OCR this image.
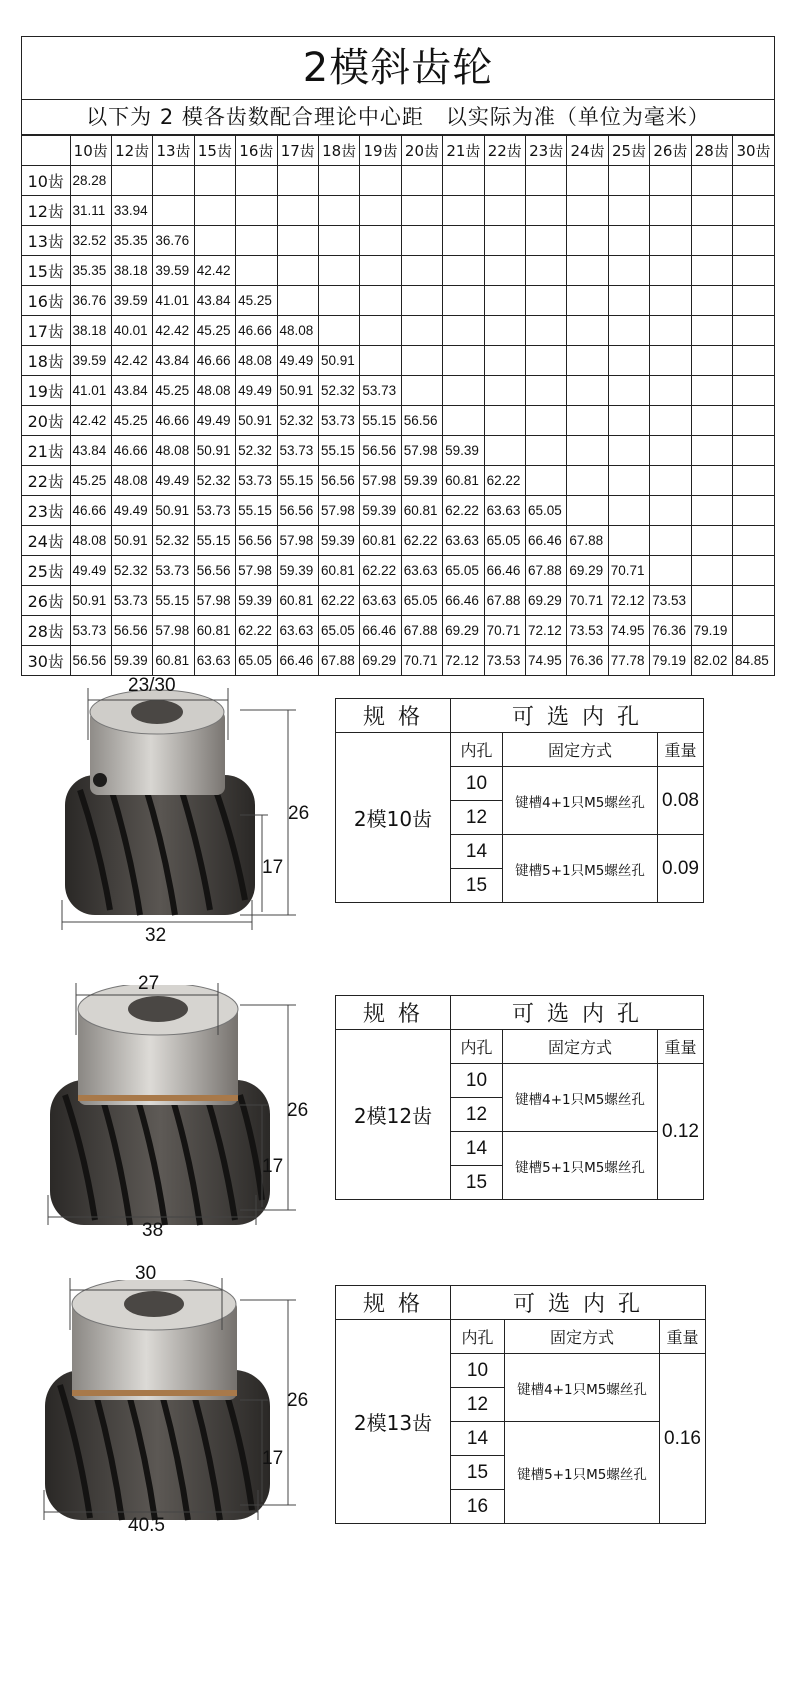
2模斜齿轮
以下为 2 模各齿数配合理论中心距　以实际为准（单位为毫米）
	10齿	12齿	13齿	15齿	16齿	17齿	18齿	19齿	20齿	21齿	22齿	23齿	24齿	25齿	26齿	28齿	30齿
10齿	28.28																
12齿	31.11	33.94															
13齿	32.52	35.35	36.76														
15齿	35.35	38.18	39.59	42.42													
16齿	36.76	39.59	41.01	43.84	45.25												
17齿	38.18	40.01	42.42	45.25	46.66	48.08											
18齿	39.59	42.42	43.84	46.66	48.08	49.49	50.91										
19齿	41.01	43.84	45.25	48.08	49.49	50.91	52.32	53.73									
20齿	42.42	45.25	46.66	49.49	50.91	52.32	53.73	55.15	56.56								
21齿	43.84	46.66	48.08	50.91	52.32	53.73	55.15	56.56	57.98	59.39							
22齿	45.25	48.08	49.49	52.32	53.73	55.15	56.56	57.98	59.39	60.81	62.22						
23齿	46.66	49.49	50.91	53.73	55.15	56.56	57.98	59.39	60.81	62.22	63.63	65.05					
24齿	48.08	50.91	52.32	55.15	56.56	57.98	59.39	60.81	62.22	63.63	65.05	66.46	67.88				
25齿	49.49	52.32	53.73	56.56	57.98	59.39	60.81	62.22	63.63	65.05	66.46	67.88	69.29	70.71			
26齿	50.91	53.73	55.15	57.98	59.39	60.81	62.22	63.63	65.05	66.46	67.88	69.29	70.71	72.12	73.53		
28齿	53.73	56.56	57.98	60.81	62.22	63.63	65.05	66.46	67.88	69.29	70.71	72.12	73.53	74.95	76.36	79.19	
30齿	56.56	59.39	60.81	63.63	65.05	66.46	67.88	69.29	70.71	72.12	73.53	74.95	76.36	77.78	79.19	82.02	84.85
23/30
26
17
32
规 格	可 选 内 孔		
2模10齿	内孔	固定方式	重量
	10	键槽4+1只M5螺丝孔	0.08
	12		
	14	键槽5+1只M5螺丝孔	0.09
	15		
27
26
17
38
规 格	可 选 内 孔		
2模12齿	内孔	固定方式	重量
	10	键槽4+1只M5螺丝孔	0.12
	12		
	14	键槽5+1只M5螺丝孔	
	15		
30
26
17
40.5
规 格	可 选 内 孔		
2模13齿	内孔	固定方式	重量
	10	键槽4+1只M5螺丝孔	0.16
	12		
	14	键槽5+1只M5螺丝孔	
	15		
	16		
